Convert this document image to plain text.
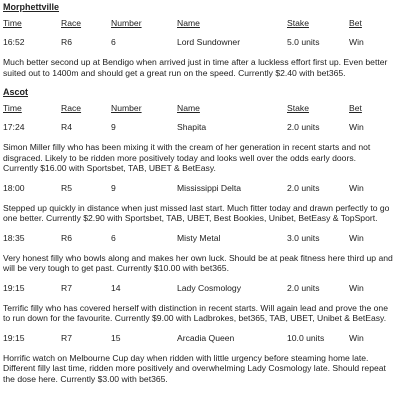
Morphettville
Time	Race	Number	Name	Stake	Bet
16:52	R6	6	Lord Sundowner	5.0 units	Win

Much better second up at Bendigo when arrived just in time after a luckless effort first up. Even better suited out to 1400m and should get a great run on the speed. Currently $2.40 with bet365.

Ascot
Time	Race	Number	Name	Stake	Bet
17:24	R4	9	Shapita	2.0 units	Win

Simon Miller filly who has been mixing it with the cream of her generation in recent starts and not disgraced. Likely to be ridden more positively today and looks well over the odds early doors. Currently $16.00 with Sportsbet, TAB, UBET & BetEasy.

18:00	R5	9	Mississippi Delta	2.0 units	Win

Stepped up quickly in distance when just missed last start. Much fitter today and drawn perfectly to go one better. Currently $2.90 with Sportsbet, TAB, UBET, Best Bookies, Unibet, BetEasy & TopSport.

18:35	R6	6	Misty Metal	3.0 units	Win

Very honest filly who bowls along and makes her own luck. Should be at peak fitness here third up and will be very tough to get past. Currently $10.00 with bet365.

19:15	R7	14	Lady Cosmology	2.0 units	Win

Terrific filly who has covered herself with distinction in recent starts. Will again lead and prove the one to run down for the favourite. Currently $9.00 with Ladbrokes, bet365, TAB, UBET, Unibet & BetEasy.

19:15	R7	15	Arcadia Queen	10.0 units	Win

Horrific watch on Melbourne Cup day when ridden with little urgency before steaming home late. Different filly last time, ridden more positively and overwhelming Lady Cosmology late. Should repeat the dose here. Currently $3.00 with bet365.
